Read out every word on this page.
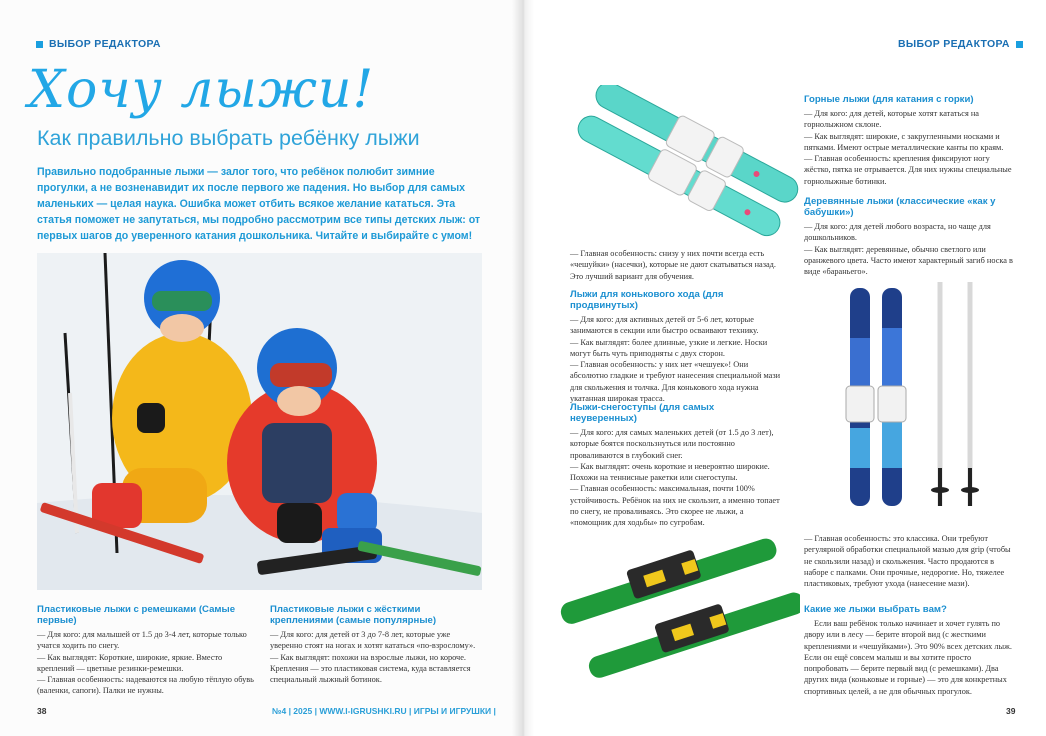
ВЫБОР РЕДАКТОРА
Хочу лыжи!
Как правильно выбрать ребёнку лыжи
Правильно подобранные лыжи — залог того, что ребёнок полюбит зимние прогулки, а не возненавидит их после первого же падения. Но выбор для самых маленьких — целая наука. Ошибка может отбить всякое желание кататься. Эта статья поможет не запутаться, мы подробно рассмотрим все типы детских лыж: от первых шагов до уверенного катания дошкольника. Читайте и выбирайте с умом!
Пластиковые лыжи с ремешками (Самые первые)

— Для кого: для малышей от 1.5 до 3-4 лет, которые только учатся ходить по снегу.

— Как выглядят: Короткие, широкие, яркие. Вместо креплений — цветные резинки-ремешки.

— Главная особенность: надеваются на любую тёплую обувь (валенки, сапоги). Палки не нужны.

Пластиковые лыжи с жёсткими креплениями (самые популярные)

— Для кого: для детей от 3 до 7-8 лет, которые уже уверенно стоят на ногах и хотят кататься «по-взрослому».

— Как выглядят: похожи на взрослые лыжи, но короче. Крепления — это пластиковая система, куда вставляется специальный лыжный ботинок.

38	№4 | 2025 | WWW.I-IGRUSHKI.RU | ИГРЫ И ИГРУШКИ |
ВЫБОР РЕДАКТОРА

— Главная особенность: снизу у них почти всегда есть «чешуйки» (насечки), которые не дают скатываться назад. Это лучший вариант для обучения.

Лыжи для конькового хода (для продвинутых)

— Для кого: для активных детей от 5-6 лет, которые занимаются в секции или быстро осваивают технику.

— Как выглядят: более длинные, узкие и легкие. Носки могут быть чуть приподняты с двух сторон.

— Главная особенность: у них нет «чешуек»! Они абсолютно гладкие и требуют нанесения специальной мази для скольжения и толчка. Для конькового хода нужна укатанная широкая трасса.

Лыжи-снегоступы (для самых неуверенных)

— Для кого: для самых маленьких детей (от 1.5 до 3 лет), которые боятся поскользнуться или постоянно проваливаются в глубокий снег.

— Как выглядят: очень короткие и невероятно широкие. Похожи на теннисные ракетки или снегоступы.

— Главная особенность: максимальная, почти 100% устойчивость. Ребёнок на них не скользит, а именно топает по снегу, не проваливаясь. Это скорее не лыжи, а «помощник для ходьбы» по сугробам.

Горные лыжи (для катания с горки)

— Для кого: для детей, которые хотят кататься на горнолыжном склоне.

— Как выглядят: широкие, с закругленными носками и пятками. Имеют острые металлические канты по краям.

— Главная особенность: крепления фиксируют ногу жёстко, пятка не отрывается. Для них нужны специальные горнолыжные ботинки.

Деревянные лыжи (классические «как у бабушки»)

— Для кого: для детей любого возраста, но чаще для дошкольников.

— Как выглядят: деревянные, обычно светлого или оранжевого цвета. Часто имеют характерный загиб носка в виде «бараньего».

— Главная особенность: это классика. Они требуют регулярной обработки специальной мазью для grip (чтобы не скользили назад) и скольжения. Часто продаются в наборе с палками. Они прочные, недорогие. Но, тяжелее пластиковых, требуют ухода (нанесение мази).

Какие же лыжи выбрать вам?

Если ваш ребёнок только начинает и хочет гулять по двору или в лесу — берите второй вид (с жесткими креплениями и «чешуйками»). Это 90% всех детских лыж. Если он ещё совсем малыш и вы хотите просто попробовать — берите первый вид (с ремешками). Два других вида (коньковые и горные) — это для конкретных спортивных целей, а не для обычных прогулок.

39
